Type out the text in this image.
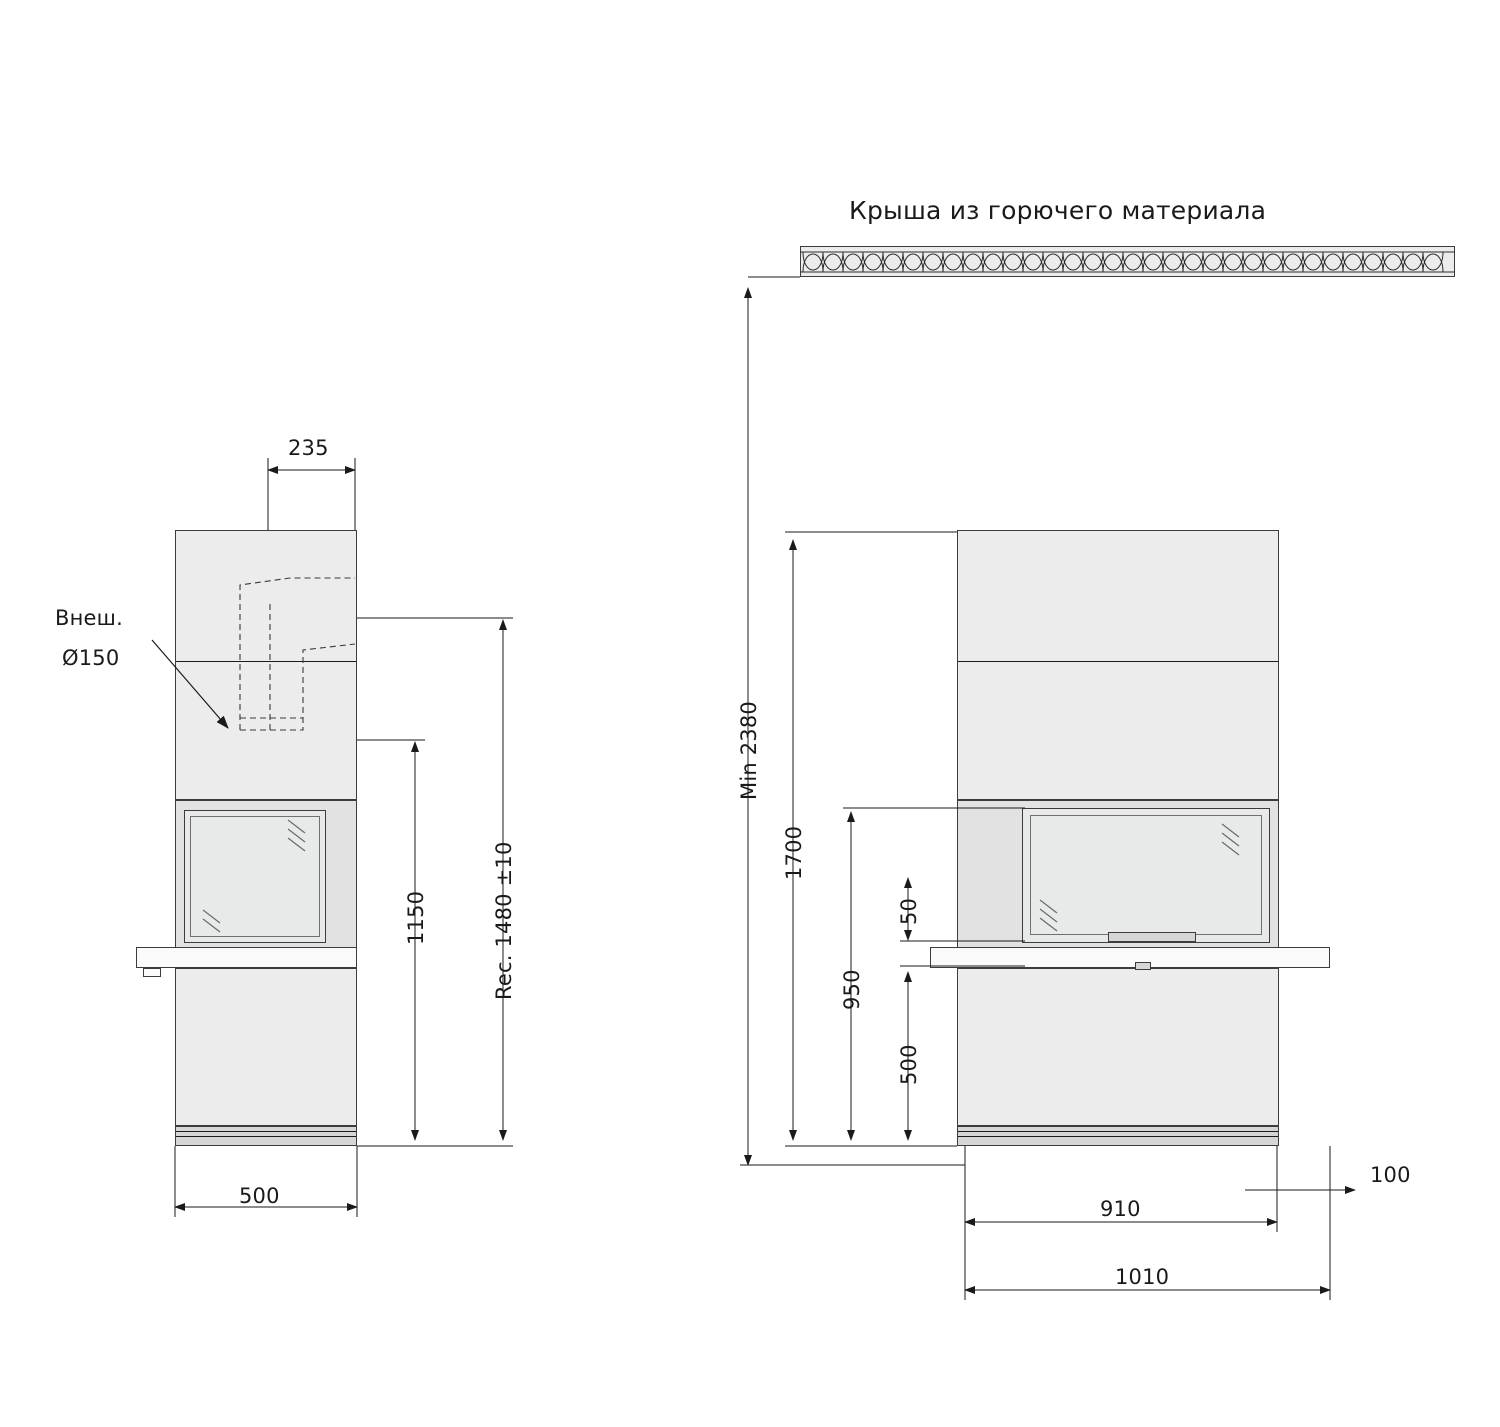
Крыша из горючего материала
Внеш.
Ø150
235
1150	Rec. 1480 ±10
500
Min 2380
1700
50
950
500
910
100
1010
